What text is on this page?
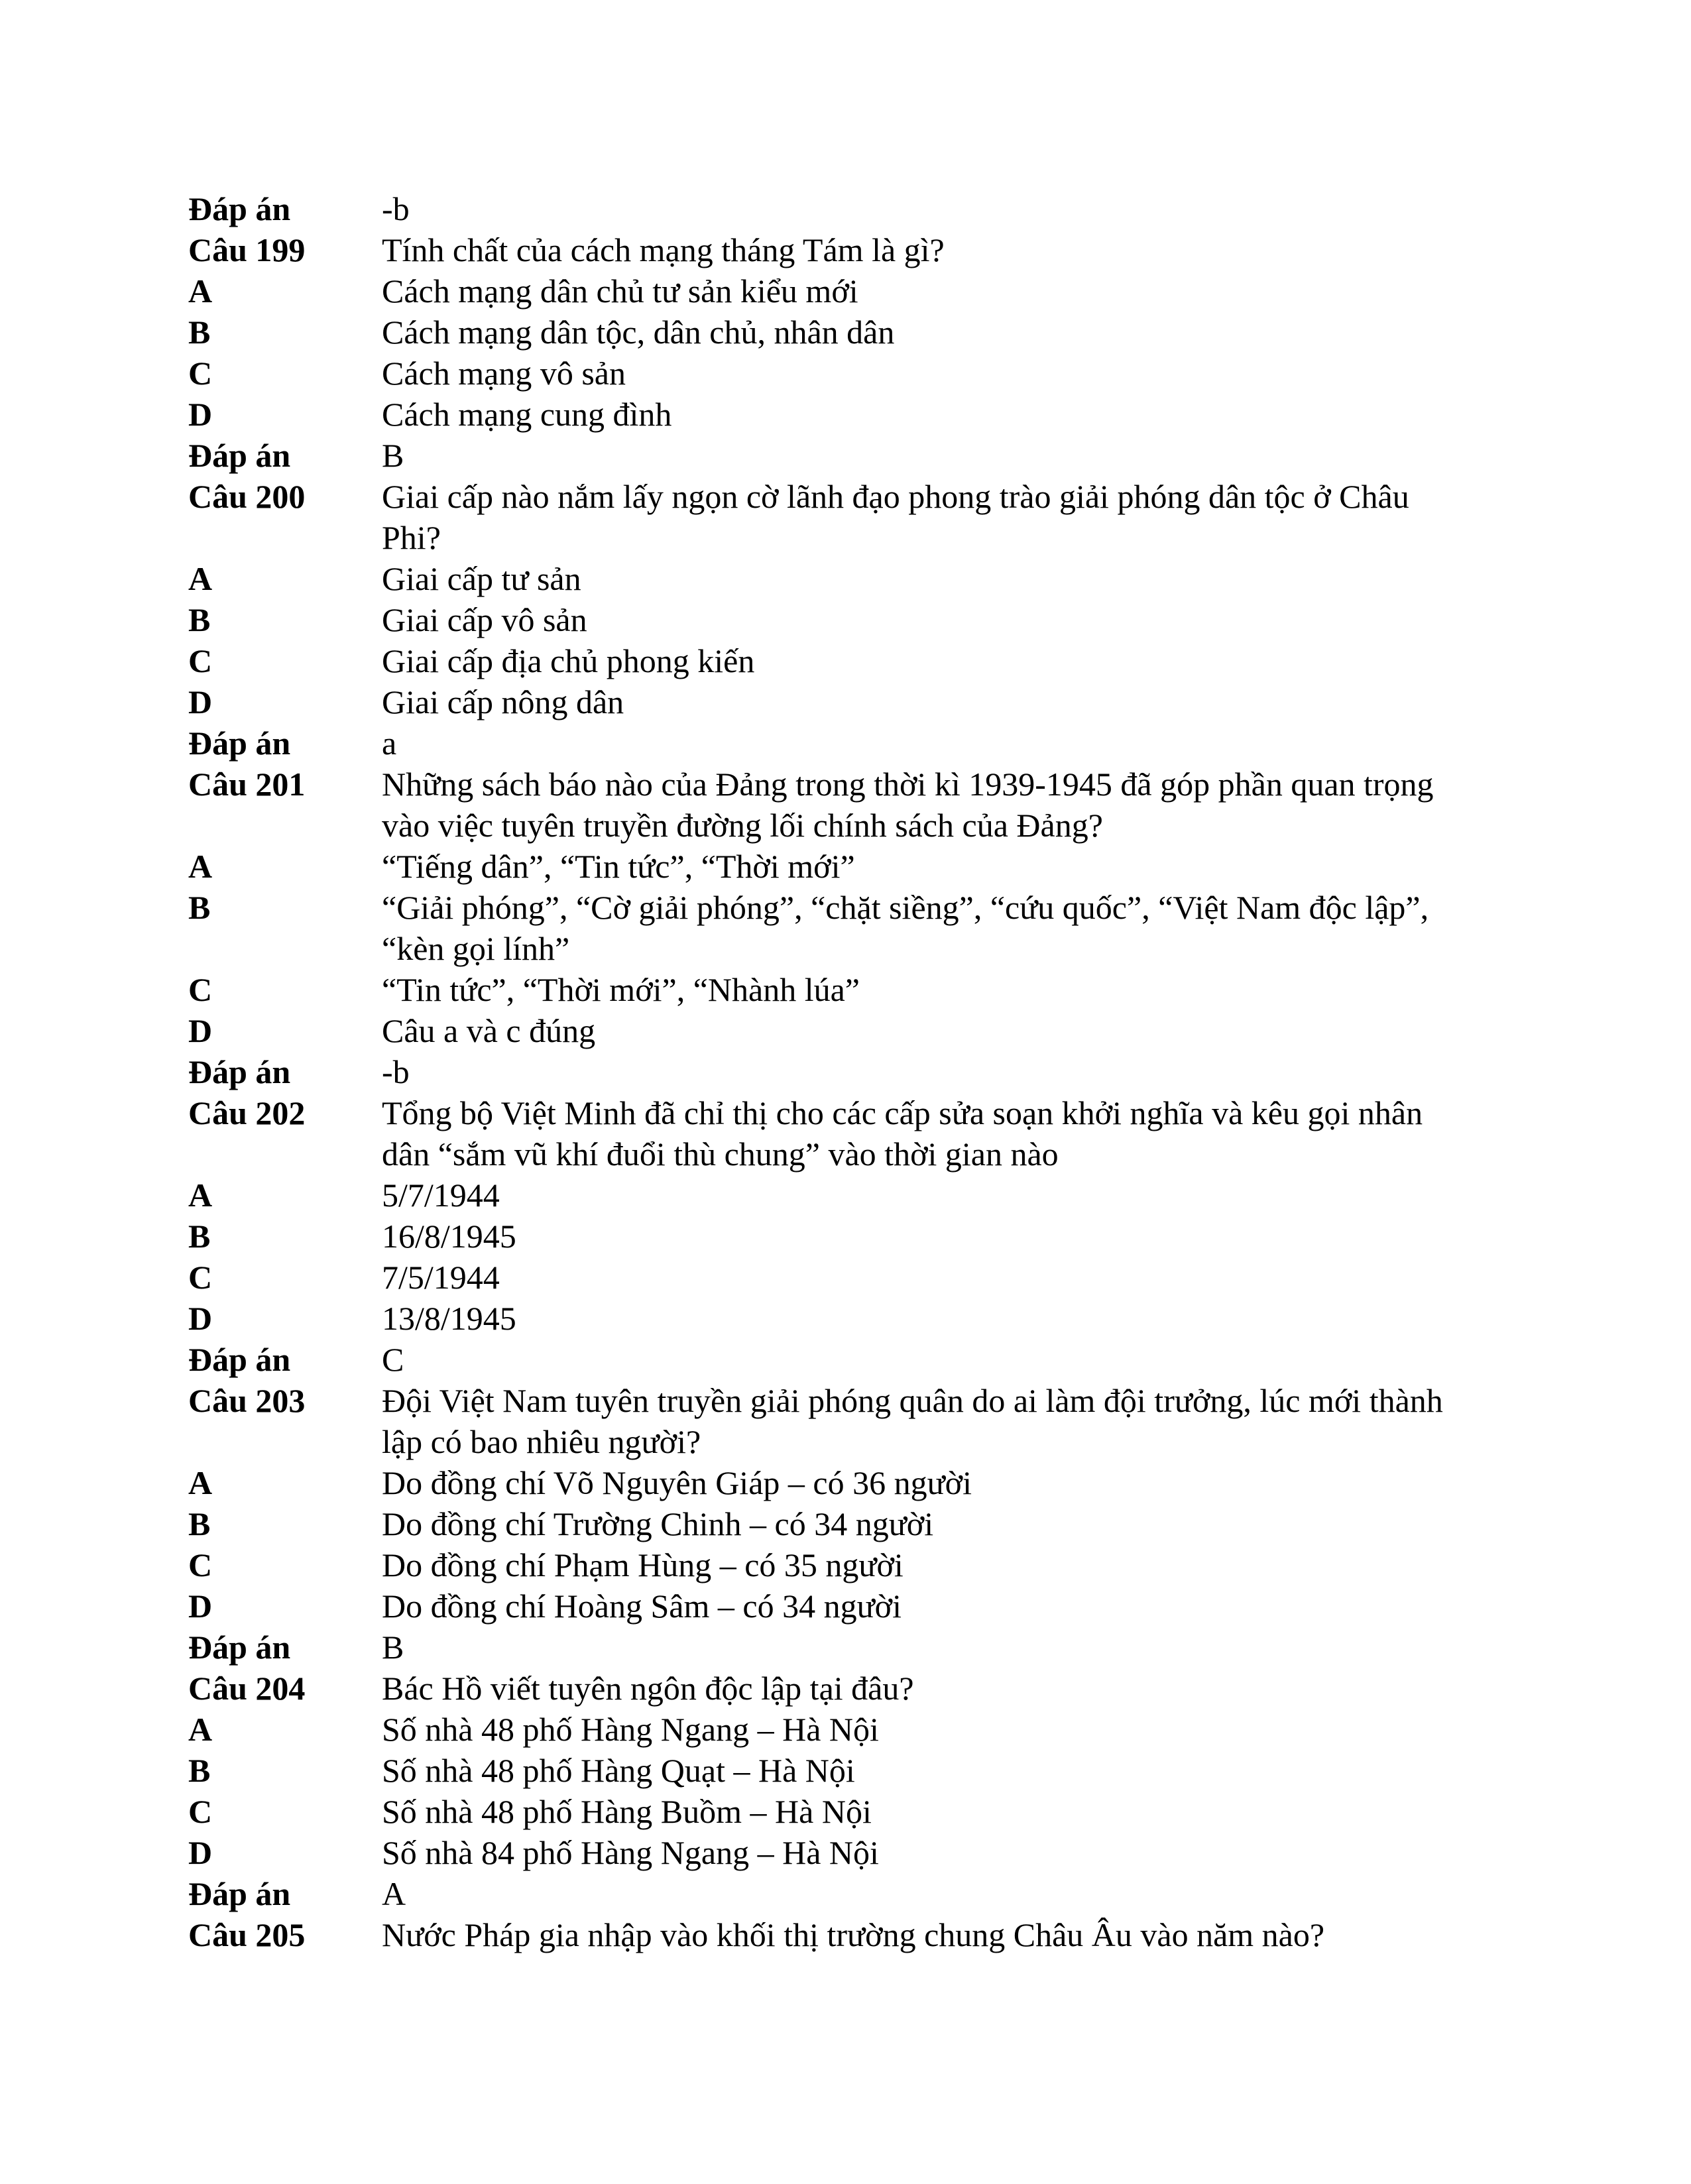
Đáp án	-b
Câu 199	Tính chất của cách mạng tháng Tám là gì?
A	Cách mạng dân chủ tư sản kiểu mới
B	Cách mạng dân tộc, dân chủ, nhân dân
C	Cách mạng vô sản
D	Cách mạng cung đình
Đáp án	B
Câu 200	Giai cấp nào nắm lấy ngọn cờ lãnh đạo phong trào giải phóng dân tộc ở Châu Phi?
A	Giai cấp tư sản
B	Giai cấp vô sản
C	Giai cấp địa chủ phong kiến
D	Giai cấp nông dân
Đáp án	a
Câu 201	Những sách báo nào của Đảng trong thời kì 1939-1945 đã góp phần quan trọng vào việc tuyên truyền đường lối chính sách của Đảng?
A	“Tiếng dân”, “Tin tức”, “Thời mới”
B	“Giải phóng”, “Cờ giải phóng”, “chặt siềng”, “cứu quốc”, “Việt Nam độc lập”, “kèn gọi lính”
C	“Tin tức”, “Thời mới”, “Nhành lúa”
D	Câu a và c đúng
Đáp án	-b
Câu 202	Tổng bộ Việt Minh đã chỉ thị cho các cấp sửa soạn khởi nghĩa và kêu gọi nhân dân “sắm vũ khí đuổi thù chung” vào thời gian nào
A	5/7/1944
B	16/8/1945
C	7/5/1944
D	13/8/1945
Đáp án	C
Câu 203	Đội Việt Nam tuyên truyền giải phóng quân do ai làm đội trưởng, lúc mới thành lập có bao nhiêu người?
A	Do đồng chí Võ Nguyên Giáp – có 36 người
B	Do đồng chí Trường Chinh – có 34 người
C	Do đồng chí Phạm Hùng – có 35 người
D	Do đồng chí Hoàng Sâm – có 34 người
Đáp án	B
Câu 204	Bác Hồ viết tuyên ngôn độc lập tại đâu?
A	Số nhà 48 phố Hàng Ngang – Hà Nội
B	Số nhà 48 phố Hàng Quạt – Hà Nội
C	Số nhà 48 phố Hàng Buồm – Hà Nội
D	Số nhà 84 phố Hàng Ngang – Hà Nội
Đáp án	A
Câu 205	Nước Pháp gia nhập vào khối thị trường chung Châu Âu vào năm nào?
